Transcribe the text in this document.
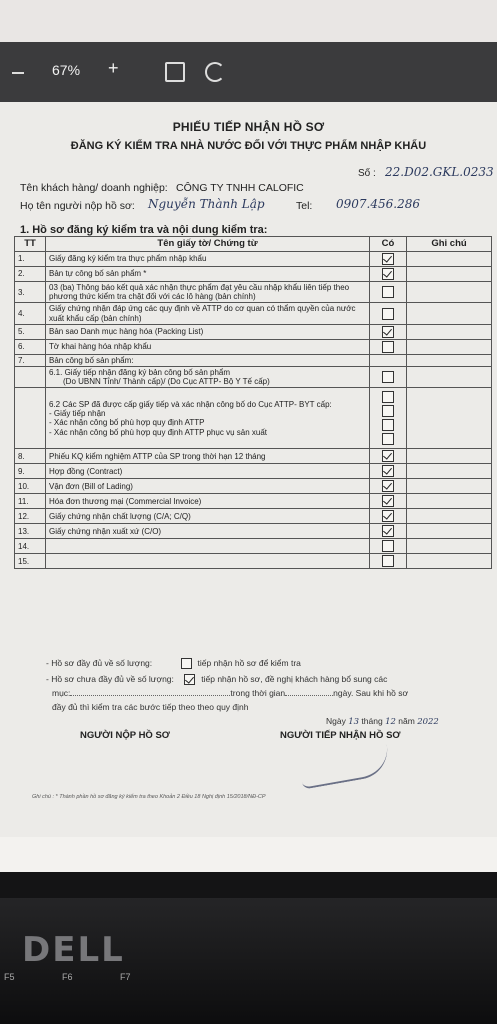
67% +
PHIẾU TIẾP NHẬN HỒ SƠ
ĐĂNG KÝ KIỂM TRA NHÀ NƯỚC ĐỐI VỚI THỰC PHẨM NHẬP KHẨU
Số : 22.D02.GKL.0233
Tên khách hàng/ doanh nghiệp: CÔNG TY TNHH CALOFIC
Họ tên người nộp hồ sơ: Nguyễn Thành Lập	Tel: 0907.456.286
1. Hồ sơ đăng ký kiểm tra và nội dung kiểm tra:
TT	Tên giấy tờ/ Chứng từ	Có	Ghi chú
1.	Giấy đăng ký kiểm tra thực phẩm nhập khẩu		
2.	Bản tự công bố sản phẩm *		
3.	03 (ba) Thông báo kết quả xác nhận thực phẩm đạt yêu cầu nhập khẩu liên tiếp theo phương thức kiểm tra chặt đối với các lô hàng (bản chính)		
4.	Giấy chứng nhận đáp ứng các quy định về ATTP do cơ quan có thẩm quyền của nước xuất khẩu cấp (bản chính)		
5.	Bản sao Danh mục hàng hóa (Packing List)		
6.	Tờ khai hàng hóa nhập khẩu		
7.	Bản công bố sản phẩm:		

	6.1. Giấy tiếp nhận đăng ký bản công bố sản phẩm
(Do UBNN Tỉnh/ Thành cấp)/ (Do Cục ATTP- Bộ Y Tế cấp)		

	6.2 Các SP đã được cấp giấy tiếp và xác nhận công bố do Cục ATTP- BYT cấp:
- Giấy tiếp nhận
- Xác nhận công bố phù hợp quy định ATTP
- Xác nhận công bố phù hợp quy định ATTP phục vụ sản xuất		

8.	Phiếu KQ kiểm nghiệm ATTP của SP trong thời hạn 12 tháng		
9.	Hợp đồng (Contract)		
10.	Vận đơn (Bill of Lading)		
11.	Hóa đơn thương mại (Commercial Invoice)		
12.	Giấy chứng nhận chất lượng (C/A; C/Q)		
13.	Giấy chứng nhận xuất xứ (C/O)		
14.			
15.			
- Hồ sơ đầy đủ về số lượng:	tiếp nhận hồ sơ để kiểm tra
- Hồ sơ chưa đầy đủ về số lượng:	tiếp nhận hồ sơ, đề nghị khách hàng bổ sung các
mục:	trong thời gian	ngày. Sau khi hồ sơ
đầy đủ thì kiểm tra các bước tiếp theo theo quy định
Ngày 13 tháng 12 năm 2022
NGƯỜI NỘP HỒ SƠ	NGƯỜI TIẾP NHẬN HỒ SƠ
Ghi chú : * Thành phần hồ sơ đăng ký kiểm tra theo Khoản 2 Điều 18 Nghị định 15/2018/NĐ-CP
DELL
F5	F6	F7
